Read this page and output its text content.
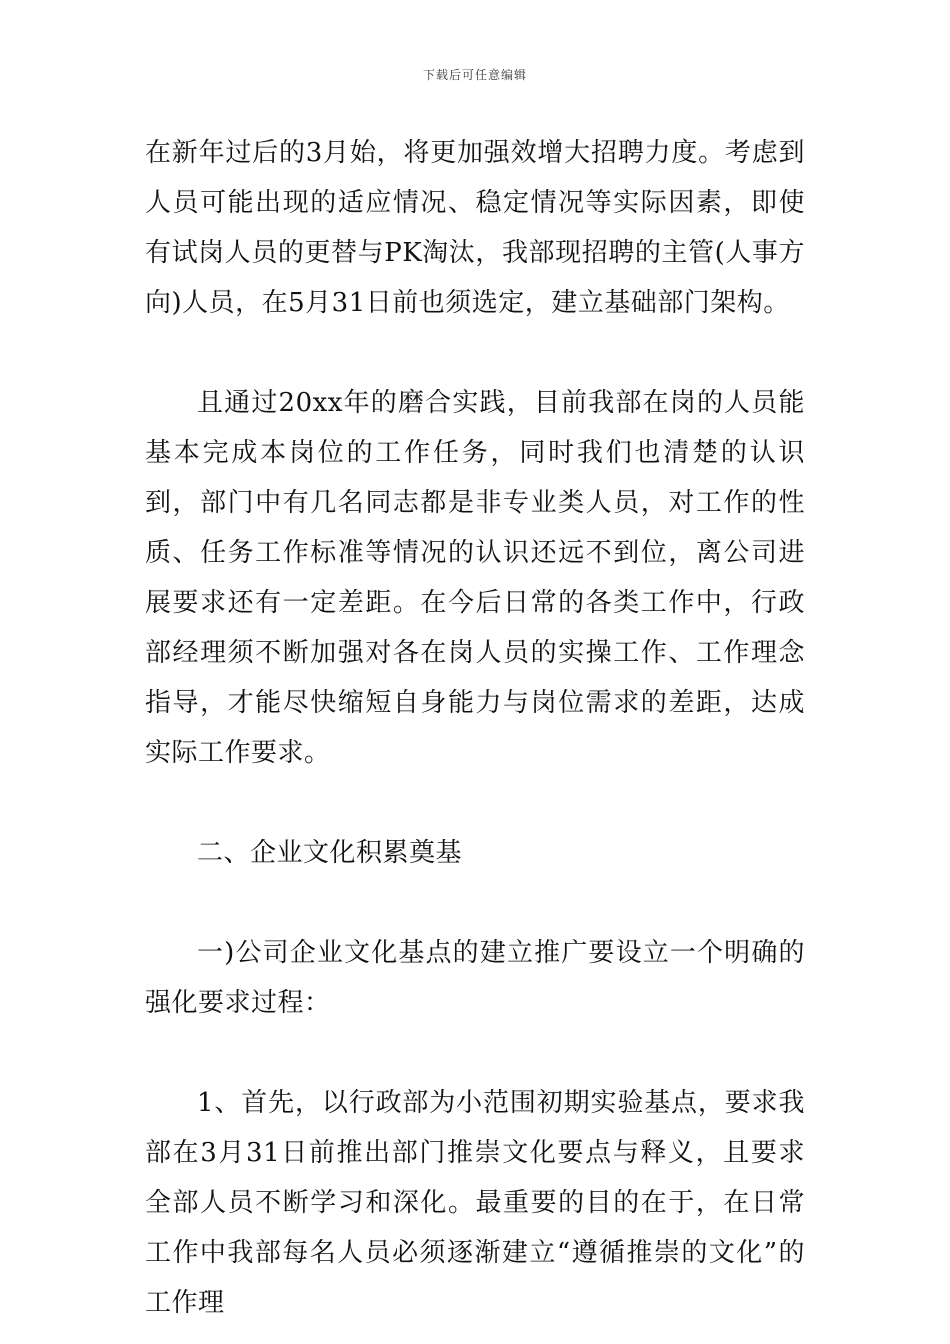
下载后可任意编辑

在新年过后的3月始，将更加强效增大招聘力度。考虑到人员可能出现的适应情况、稳定情况等实际因素，即使有试岗人员的更替与PK淘汰，我部现招聘的主管(人事方向)人员，在5月31日前也须选定，建立基础部门架构。

且通过20xx年的磨合实践，目前我部在岗的人员能基本完成本岗位的工作任务，同时我们也清楚的认识到，部门中有几名同志都是非专业类人员，对工作的性质、任务工作标准等情况的认识还远不到位，离公司进展要求还有一定差距。在今后日常的各类工作中，行政部经理须不断加强对各在岗人员的实操工作、工作理念指导，才能尽快缩短自身能力与岗位需求的差距，达成实际工作要求。

二、企业文化积累奠基

一)公司企业文化基点的建立推广要设立一个明确的强化要求过程：

1、首先，以行政部为小范围初期实验基点，要求我部在3月31日前推出部门推崇文化要点与释义，且要求全部人员不断学习和深化。最重要的目的在于，在日常工作中我部每名人员必须逐渐建立“遵循推崇的文化”的工作理
